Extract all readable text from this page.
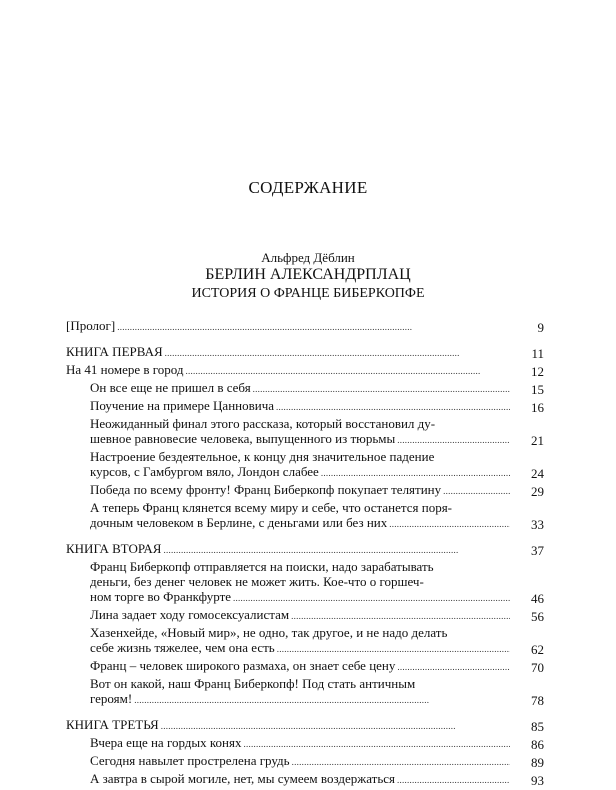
СОДЕРЖАНИЕ
Альфред Дёблин
БЕРЛИН АЛЕКСАНДРПЛАЦ
ИСТОРИЯ О ФРАНЦЕ БИБЕРКОПФЕ
[Пролог] . . .	9
КНИГА ПЕРВАЯ . . .	11
На 41 номере в город . . .	12
Он все еще не пришел в себя . . .	15
Поучение на примере Цанновича . . .	16
Неожиданный финал этого рассказа, который восстановил ду-
шевное равновесие человека, выпущенного из тюрьмы . . .	21
Настроение бездеятельное, к концу дня значительное падение
курсов, с Гамбургом вяло, Лондон слабее . . .	24
Победа по всему фронту! Франц Биберкопф покупает телятину . . .	29
А теперь Франц клянется всему миру и себе, что останется поря-
дочным человеком в Берлине, с деньгами или без них . . .	33
КНИГА ВТОРАЯ . . .	37
Франц Биберкопф отправляется на поиски, надо зарабатывать
деньги, без денег человек не может жить. Кое-что о горшеч-
ном торге во Франкфурте . . .	46
Лина задает ходу гомосексуалистам . . .	56
Хазенхейде, «Новый мир», не одно, так другое, и не надо делать
себе жизнь тяжелее, чем она есть . . .	62
Франц – человек широкого размаха, он знает себе цену . . .	70
Вот он какой, наш Франц Биберкопф! Под стать античным
героям! . . .	78
КНИГА ТРЕТЬЯ . . .	85
Вчера еще на гордых конях . . .	86
Сегодня навылет прострелена грудь . . .	89
А завтра в сырой могиле, нет, мы сумеем воздержаться . . .	93
